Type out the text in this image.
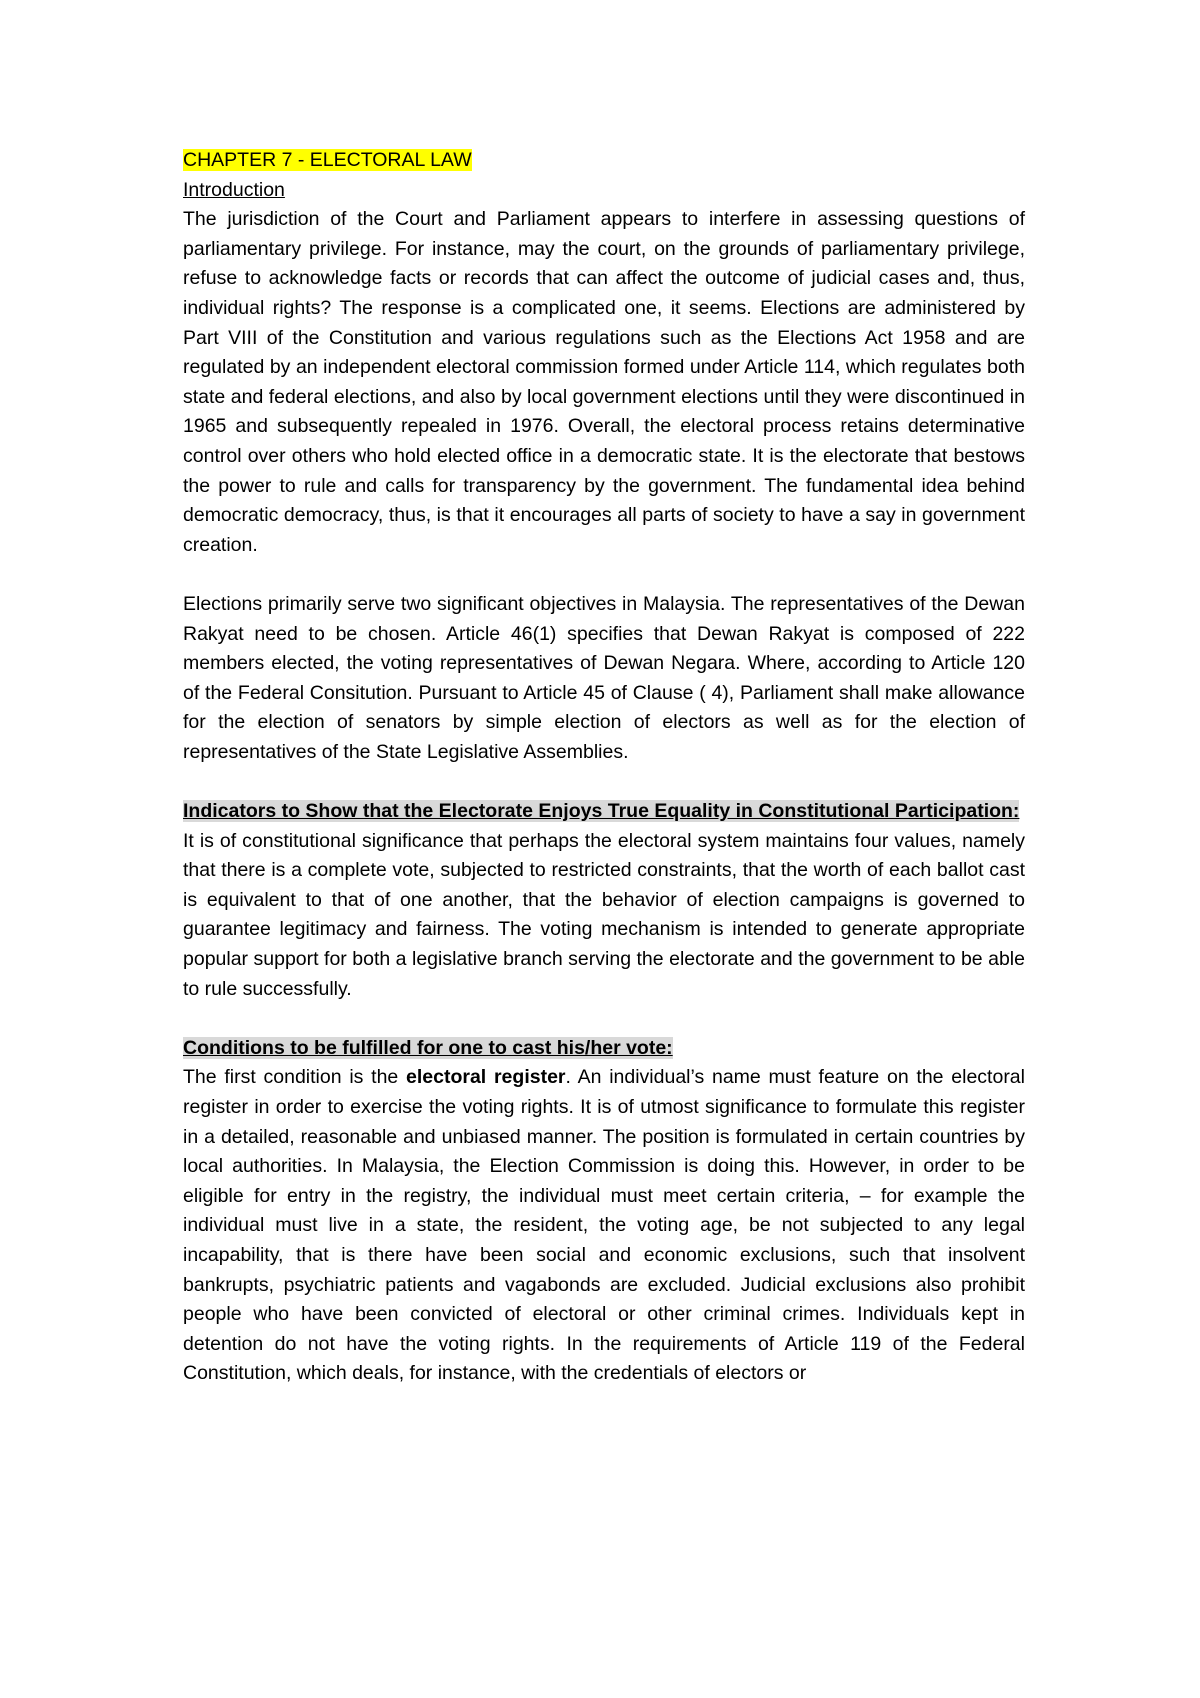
CHAPTER 7 - ELECTORAL LAW

Introduction

The jurisdiction of the Court and Parliament appears to interfere in assessing questions of parliamentary privilege. For instance, may the court, on the grounds of parliamentary privilege, refuse to acknowledge facts or records that can affect the outcome of judicial cases and, thus, individual rights? The response is a complicated one, it seems. Elections are administered by Part VIII of the Constitution and various regulations such as the Elections Act 1958 and are regulated by an independent electoral commission formed under Article 114, which regulates both state and federal elections, and also by local government elections until they were discontinued in 1965 and subsequently repealed in 1976. Overall, the electoral process retains determinative control over others who hold elected office in a democratic state. It is the electorate that bestows the power to rule and calls for transparency by the government. The fundamental idea behind democratic democracy, thus, is that it encourages all parts of society to have a say in government creation.

Elections primarily serve two significant objectives in Malaysia. The representatives of the Dewan Rakyat need to be chosen. Article 46(1) specifies that Dewan Rakyat is composed of 222 members elected, the voting representatives of Dewan Negara. Where, according to Article 120 of the Federal Consitution. Pursuant to Article 45 of Clause ( 4), Parliament shall make allowance for the election of senators by simple election of electors as well as for the election of representatives of the State Legislative Assemblies.

Indicators to Show that the Electorate Enjoys True Equality in Constitutional Participation:

It is of constitutional significance that perhaps the electoral system maintains four values, namely that there is a complete vote, subjected to restricted constraints, that the worth of each ballot cast is equivalent to that of one another, that the behavior of election campaigns is governed to guarantee legitimacy and fairness. The voting mechanism is intended to generate appropriate popular support for both a legislative branch serving the electorate and the government to be able to rule successfully.

Conditions to be fulfilled for one to cast his/her vote:

The first condition is the electoral register. An individual’s name must feature on the electoral register in order to exercise the voting rights. It is of utmost significance to formulate this register in a detailed, reasonable and unbiased manner. The position is formulated in certain countries by local authorities. In Malaysia, the Election Commission is doing this. However, in order to be eligible for entry in the registry, the individual must meet certain criteria, – for example the individual must live in a state, the resident, the voting age, be not subjected to any legal incapability, that is there have been social and economic exclusions, such that insolvent bankrupts, psychiatric patients and vagabonds are excluded. Judicial exclusions also prohibit people who have been convicted of electoral or other criminal crimes. Individuals kept in detention do not have the voting rights. In the requirements of Article 119 of the Federal Constitution, which deals, for instance, with the credentials of electors or
